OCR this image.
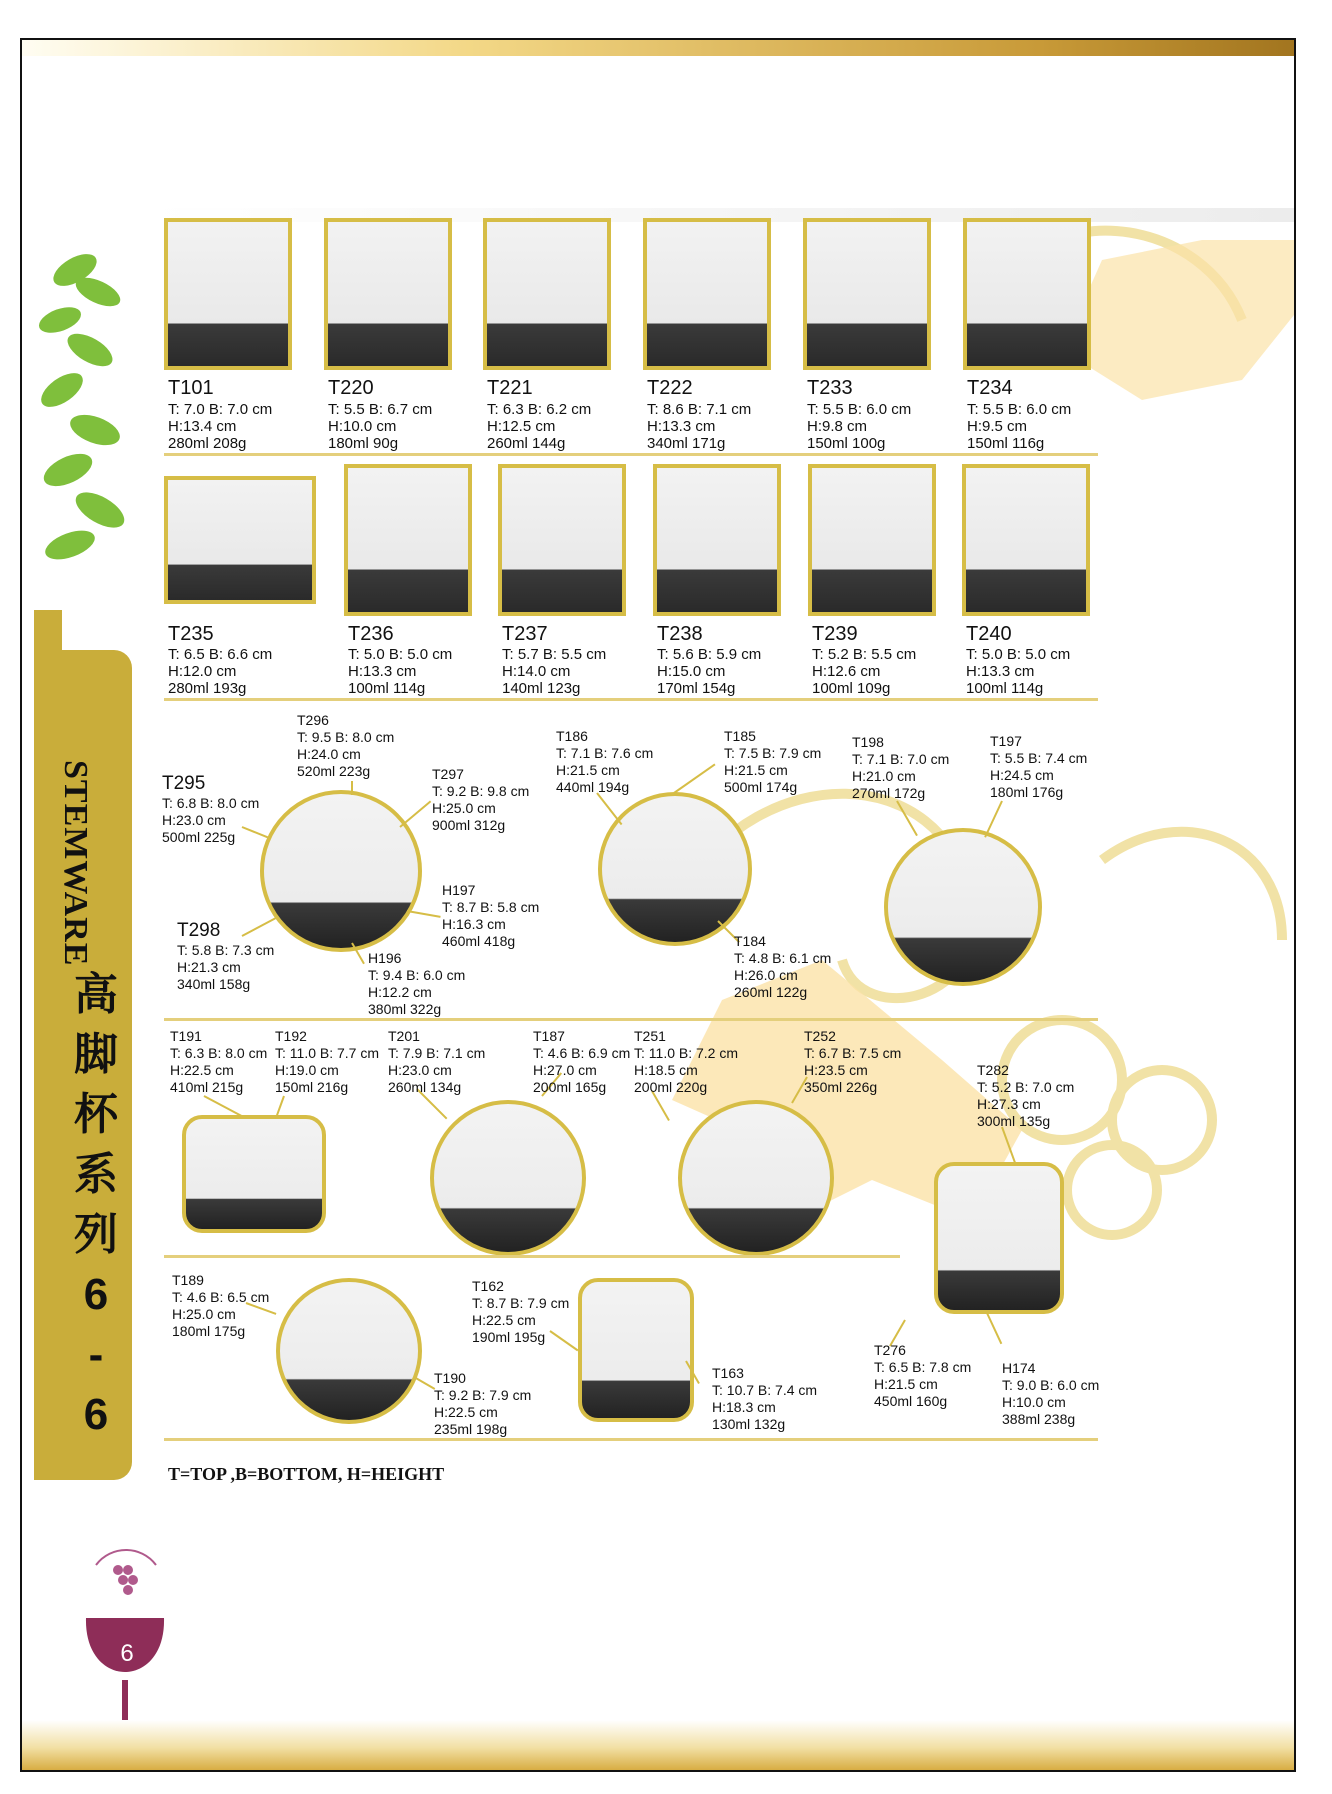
高
脚
杯
系
列
6
-
6
6
T101
T: 7.0 B: 7.0 cm
H:13.4 cm
280ml 208g
T220
T: 5.5 B: 6.7 cm
H:10.0 cm
180ml 90g
T221
T: 6.3 B: 6.2 cm
H:12.5 cm
260ml 144g
T222
T: 8.6 B: 7.1 cm
H:13.3 cm
340ml 171g
T233
T: 5.5 B: 6.0 cm
H:9.8 cm
150ml 100g
T234
T: 5.5 B: 6.0 cm
H:9.5 cm
150ml 116g
T235
T: 6.5 B: 6.6 cm
H:12.0 cm
280ml 193g
T236
T: 5.0 B: 5.0 cm
H:13.3 cm
100ml 114g
T237
T: 5.7 B: 5.5 cm
H:14.0 cm
140ml 123g
T238
T: 5.6 B: 5.9 cm
H:15.0 cm
170ml 154g
T239
T: 5.2 B: 5.5 cm
H:12.6 cm
100ml 109g
T240
T: 5.0 B: 5.0 cm
H:13.3 cm
100ml 114g
T295
T: 6.8 B: 8.0 cm
H:23.0 cm
500ml 225g
T296
T: 9.5 B: 8.0 cm
H:24.0 cm
520ml 223g	T297
T: 9.2 B: 9.8 cm
H:25.0 cm
900ml 312g
T298
T: 5.8 B: 7.3 cm
H:21.3 cm
340ml 158g
H196
T: 9.4 B: 6.0 cm
H:12.2 cm
380ml 322g
H197
T: 8.7 B: 5.8 cm
H:16.3 cm
460ml 418g
T186
T: 7.1 B: 7.6 cm
H:21.5 cm
440ml 194g
T185
T: 7.5 B: 7.9 cm
H:21.5 cm
500ml 174g
T184
T: 4.8 B: 6.1 cm
H:26.0 cm
260ml 122g
T198
T: 7.1 B: 7.0 cm
H:21.0 cm
270ml 172g
T197
T: 5.5 B: 7.4 cm
H:24.5 cm
180ml 176g
T191
T: 6.3 B: 8.0 cm
H:22.5 cm
410ml 215g
T192
T: 11.0 B: 7.7 cm
H:19.0 cm
150ml 216g
T201
T: 7.9 B: 7.1 cm
H:23.0 cm
260ml 134g
T187
T: 4.6 B: 6.9 cm
H:27.0 cm
200ml 165g
T251
T: 11.0 B: 7.2 cm
H:18.5 cm
200ml 220g
T252
T: 6.7 B: 7.5 cm
H:23.5 cm
350ml 226g
T282
T: 5.2 B: 7.0 cm
H:27.3 cm
300ml 135g
T189
T: 4.6 B: 6.5 cm
H:25.0 cm
180ml 175g
T190
T: 9.2 B: 7.9 cm
H:22.5 cm
235ml 198g
T162
T: 8.7 B: 7.9 cm
H:22.5 cm
190ml 195g
T163
T: 10.7 B: 7.4 cm
H:18.3 cm
130ml 132g
T276
T: 6.5 B: 7.8 cm
H:21.5 cm
450ml 160g
H174
T: 9.0 B: 6.0 cm
H:10.0 cm
388ml 238g
T=TOP ,B=BOTTOM, H=HEIGHT
